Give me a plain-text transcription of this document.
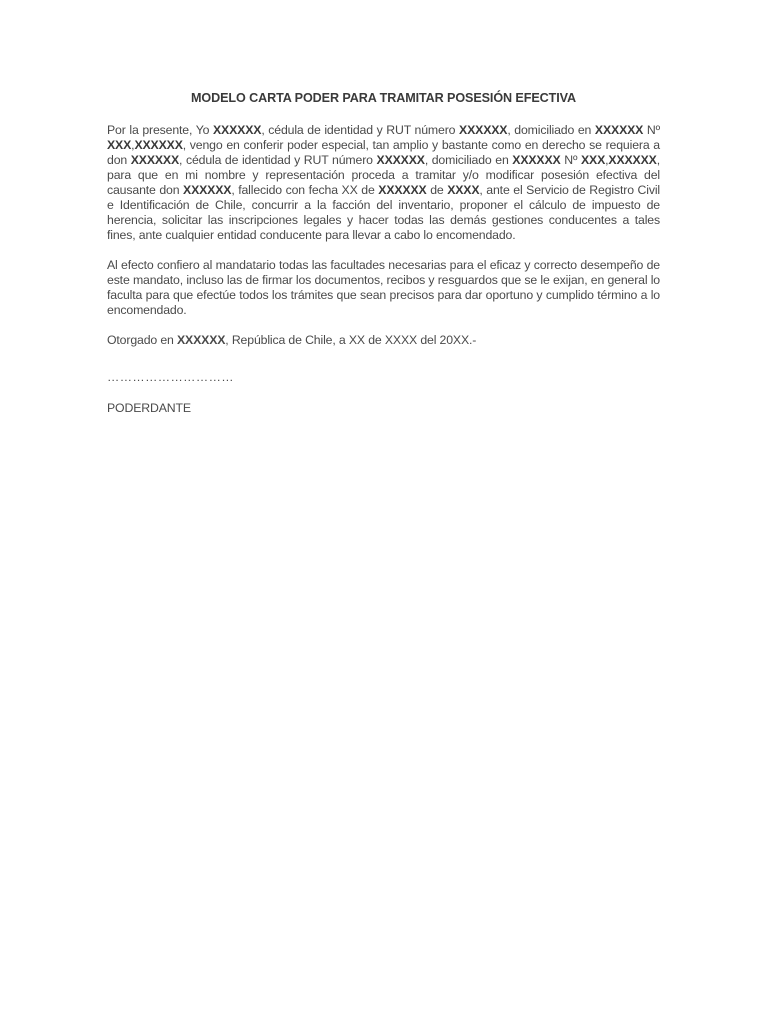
MODELO CARTA PODER PARA TRAMITAR POSESIÓN EFECTIVA

Por la presente, Yo XXXXXX, cédula de identidad y RUT número XXXXXX, domiciliado en XXXXXX Nº XXX,XXXXXX, vengo en conferir poder especial, tan amplio y bastante como en derecho se requiera a don XXXXXX, cédula de identidad y RUT número XXXXXX, domiciliado en XXXXXX Nº XXX,XXXXXX, para que en mi nombre y representación proceda a tramitar y/o modificar posesión efectiva del causante don XXXXXX, fallecido con fecha XX de XXXXXX de XXXX, ante el Servicio de Registro Civil e Identificación de Chile, concurrir a la facción del inventario, proponer el cálculo de impuesto de herencia, solicitar las inscripciones legales y hacer todas las demás gestiones conducentes a tales fines, ante cualquier entidad conducente para llevar a cabo lo encomendado.

Al efecto confiero al mandatario todas las facultades necesarias para el eficaz y correcto desempeño de este mandato, incluso las de firmar los documentos, recibos y resguardos que se le exijan, en general lo faculta para que efectúe todos los trámites que sean precisos para dar oportuno y cumplido término a lo encomendado.

Otorgado en XXXXXX, República de Chile, a XX de XXXX del 20XX.-

…………………………

PODERDANTE
